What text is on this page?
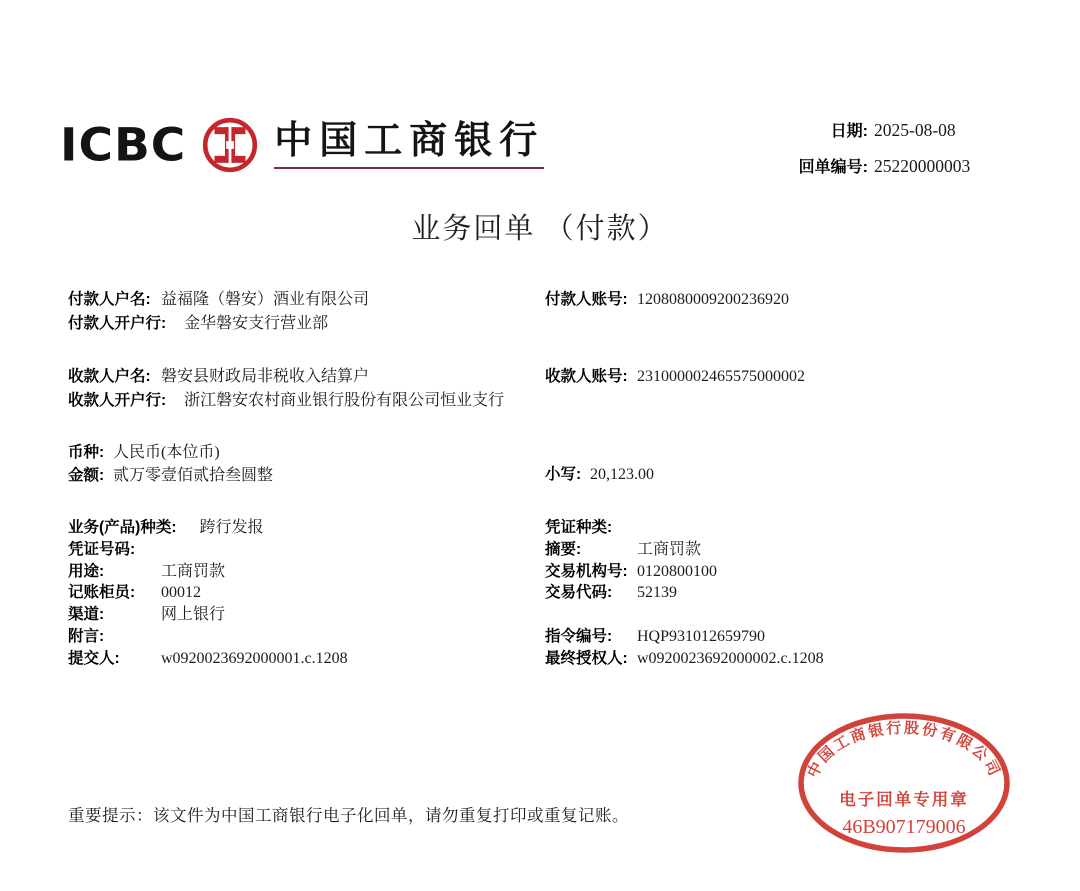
ICBC 中国工商银行	日期: 2025-08-08
回单编号: 25220000003
业务回单 （付款）
付款人户名: 益福隆（磐安）酒业有限公司
付款人开户行: 金华磐安支行营业部
付款人账号: 1208080009200236920
收款人户名: 磐安县财政局非税收入结算户
收款人开户行: 浙江磐安农村商业银行股份有限公司恒业支行
收款人账号: 231000002465575000002
币种: 人民币(本位币)
金额: 贰万零壹佰贰拾叁圆整	小写: 20,123.00
业务(产品)种类: 跨行发报
凭证号码:
用途:	工商罚款
记账柜员: 00012
渠道:	网上银行
附言:
提交人:	w0920023692000001.c.1208
凭证种类:
摘要:	工商罚款
交易机构号: 0120800100
交易代码: 52139
指令编号: HQP931012659790
最终授权人: w0920023692000002.c.1208
中国工商银行股份有限公司
电子回单专用章
46B907179006
重要提示：该文件为中国工商银行电子化回单，请勿重复打印或重复记账。
